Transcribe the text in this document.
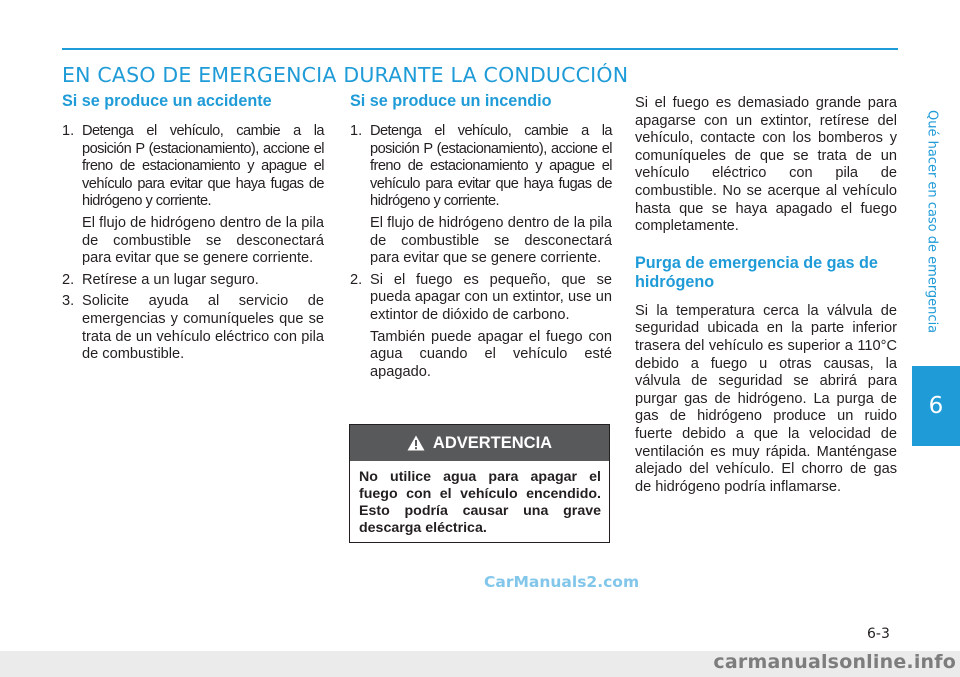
EN CASO DE EMERGENCIA DURANTE LA CONDUCCIÓN
Si se produce un accidente
1. Detenga el vehículo, cambie a la posición P (estacionamiento), accione el freno de estacionamiento y apague el vehículo para evitar que haya fugas de hidrógeno y corriente.

El flujo de hidrógeno dentro de la pila de combustible se desconectará para evitar que se genere corriente.

2. Retírese a un lugar seguro.

3. Solicite ayuda al servicio de emergencias y comuníqueles que se trata de un vehículo eléctrico con pila de combustible.

Si se produce un incendio
1. Detenga el vehículo, cambie a la posición P (estacionamiento), accione el freno de estacionamiento y apague el vehículo para evitar que haya fugas de hidrógeno y corriente.

El flujo de hidrógeno dentro de la pila de combustible se desconectará para evitar que se genere corriente.

2. Si el fuego es pequeño, que se pueda apagar con un extintor, use un extintor de dióxido de carbono.

También puede apagar el fuego con agua cuando el vehículo esté apagado.

ADVERTENCIA
No utilice agua para apagar el fuego con el vehículo encendido. Esto podría causar una grave descarga eléctrica.

Si el fuego es demasiado grande para apagarse con un extintor, retírese del vehículo, contacte con los bomberos y comuníqueles de que se trata de un vehículo eléctrico con pila de combustible. No se acerque al vehículo hasta que se haya apagado el fuego completamente.

Purga de emergencia de gas de hidrógeno

Si la temperatura cerca la válvula de seguridad ubicada en la parte inferior trasera del vehículo es superior a 110°C debido a fuego u otras causas, la válvula de seguridad se abrirá para purgar gas de hidrógeno. La purga de gas de hidrógeno produce un ruido fuerte debido a que la velocidad de ventilación es muy rápida. Manténgase alejado del vehículo. El chorro de gas de hidrógeno podría inflamarse.

Qué hacer en caso de emergencia
6
CarManuals2.com
6-3
carmanualsonline.info
